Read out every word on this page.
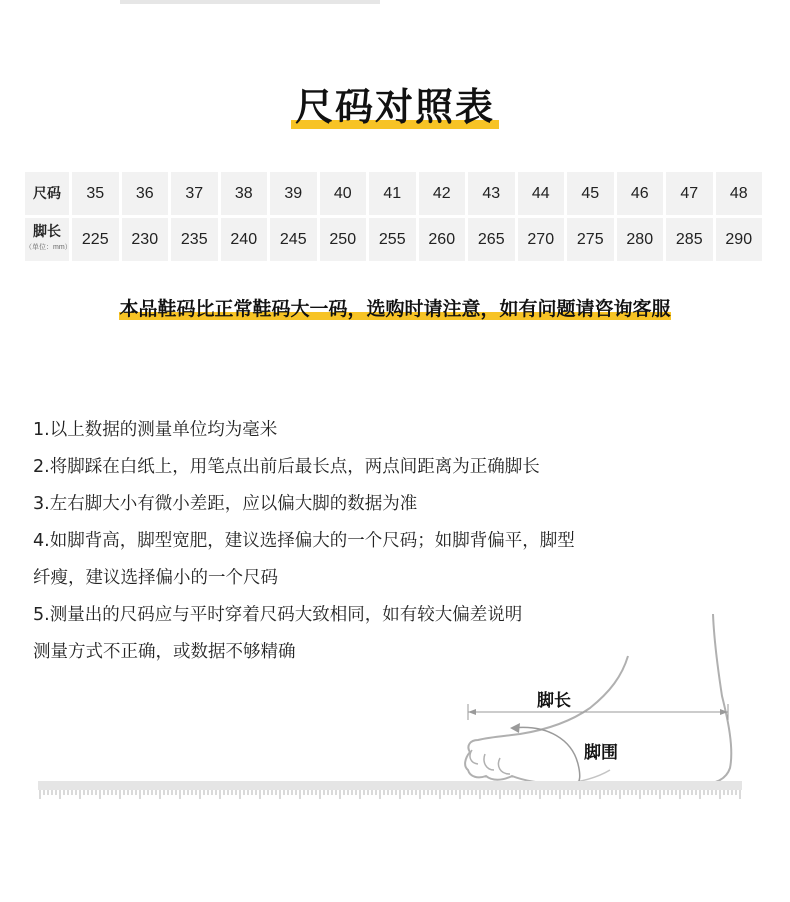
尺码对照表
尺码	35	36	37	38	39	40	41	42	43	44	45	46	47	48
脚长
（单位：mm）	225	230	235	240	245	250	255	260	265	270	275	280	285	290
本品鞋码比正常鞋码大一码，选购时请注意，如有问题请咨询客服

1.以上数据的测量单位均为毫米

2.将脚踩在白纸上，用笔点出前后最长点，两点间距离为正确脚长

3.左右脚大小有微小差距，应以偏大脚的数据为准

4.如脚背高，脚型宽肥，建议选择偏大的一个尺码；如脚背偏平，脚型

纤瘦，建议选择偏小的一个尺码

5.测量出的尺码应与平时穿着尺码大致相同，如有较大偏差说明

测量方式不正确，或数据不够精确

脚长
脚围
